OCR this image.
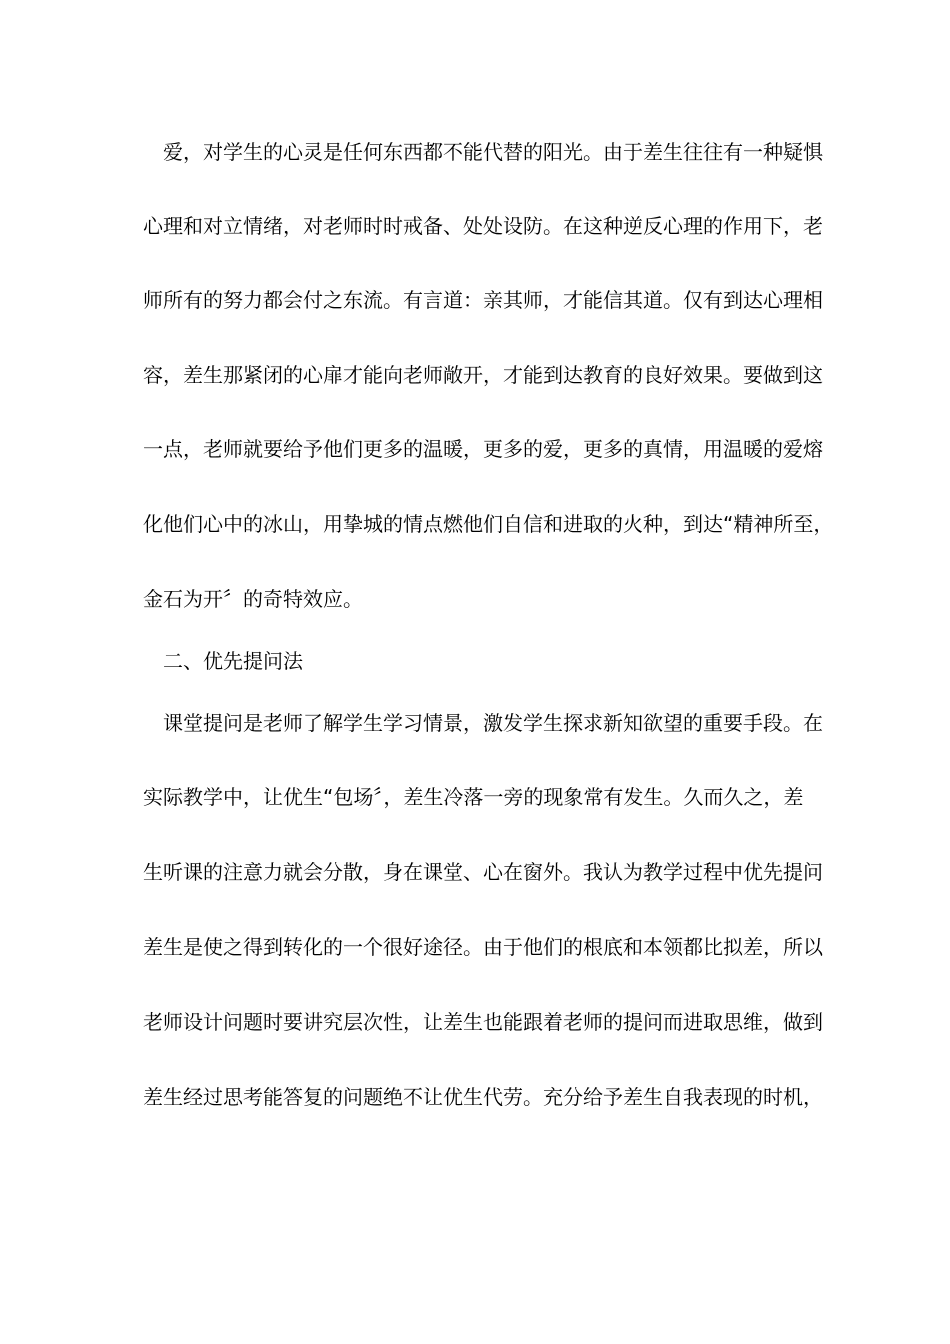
爱，对学生的心灵是任何东西都不能代替的阳光。由于差生往往有一种疑惧
心理和对立情绪，对老师时时戒备、处处设防。在这种逆反心理的作用下，老
师所有的努力都会付之东流。有言道：亲其师，才能信其道。仅有到达心理相
容，差生那紧闭的心扉才能向老师敞开，才能到达教育的良好效果。要做到这
一点，老师就要给予他们更多的温暖，更多的爱，更多的真情，用温暖的爱熔
化他们心中的冰山，用挚城的情点燃他们自信和进取的火种，到达“精神所至，
金石为开〞的奇特效应。
二、优先提问法
课堂提问是老师了解学生学习情景，激发学生探求新知欲望的重要手段。在
实际教学中，让优生“包场〞，差生冷落一旁的现象常有发生。久而久之，差
生听课的注意力就会分散，身在课堂、心在窗外。我认为教学过程中优先提问
差生是使之得到转化的一个很好途径。由于他们的根底和本领都比拟差，所以
老师设计问题时要讲究层次性，让差生也能跟着老师的提问而进取思维，做到
差生经过思考能答复的问题绝不让优生代劳。充分给予差生自我表现的时机，
